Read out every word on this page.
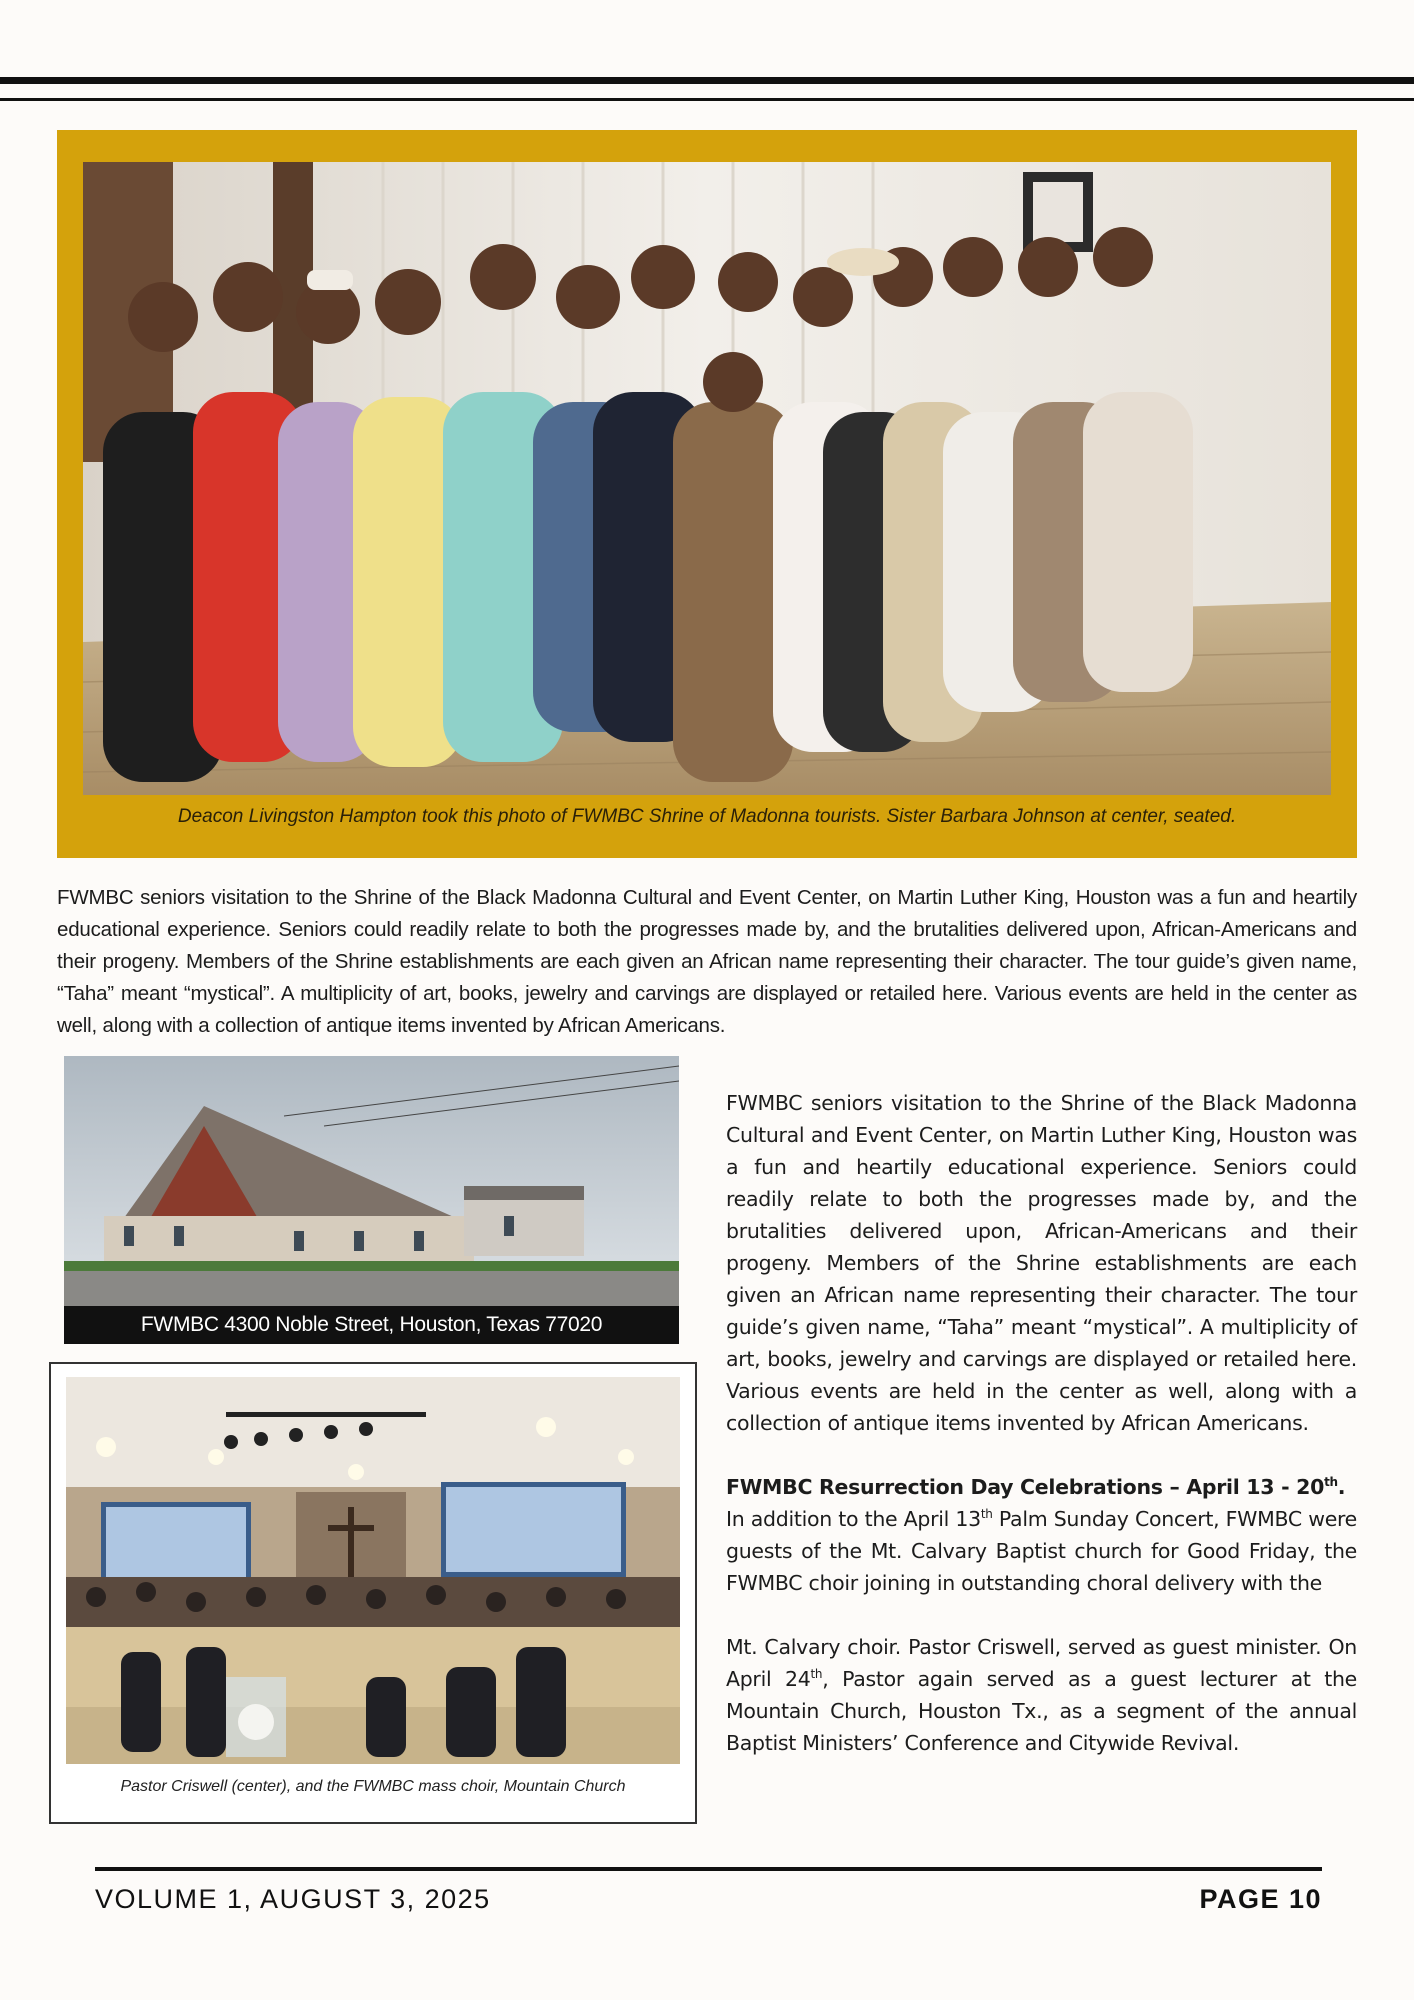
Deacon Livingston Hampton took this photo of FWMBC Shrine of Madonna tourists. Sister Barbara Johnson at center, seated.
FWMBC seniors visitation to the Shrine of the Black Madonna Cultural and Event Center, on Martin Luther King, Houston was a fun and heartily educational experience. Seniors could readily relate to both the progresses made by, and the brutalities delivered upon, African-Americans and their progeny. Members of the Shrine establishments are each given an African name representing their character. The tour guide’s given name, “Taha” meant “mystical”. A multiplicity of art, books, jewelry and carvings are displayed or retailed here. Various events are held in the center as well, along with a collection of antique items invented by African Americans.
FWMBC 4300 Noble Street, Houston, Texas 77020
Pastor Criswell (center), and the FWMBC mass choir, Mountain Church

FWMBC seniors visitation to the Shrine of the Black Madonna Cultural and Event Center, on Martin Luther King, Houston was a fun and heartily educational experience. Seniors could readily relate to both the progresses made by, and the brutalities delivered upon, African-Americans and their progeny. Members of the Shrine establishments are each given an African name representing their character. The tour guide’s given name, “Taha” meant “mystical”. A multiplicity of art, books, jewelry and carvings are displayed or retailed here. Various events are held in the center as well, along with a collection of antique items invented by African Americans.

FWMBC Resurrection Day Celebrations – April 13 - 20th.

In addition to the April 13th Palm Sunday Concert, FWMBC were guests of the Mt. Calvary Baptist church for Good Friday, the FWMBC choir joining in outstanding choral delivery with the

Mt. Calvary choir. Pastor Criswell, served as guest minister. On April 24th, Pastor again served as a guest lecturer at the Mountain Church, Houston Tx., as a segment of the annual Baptist Ministers’ Conference and Citywide Revival.

VOLUME 1, AUGUST 3, 2025	PAGE 10
